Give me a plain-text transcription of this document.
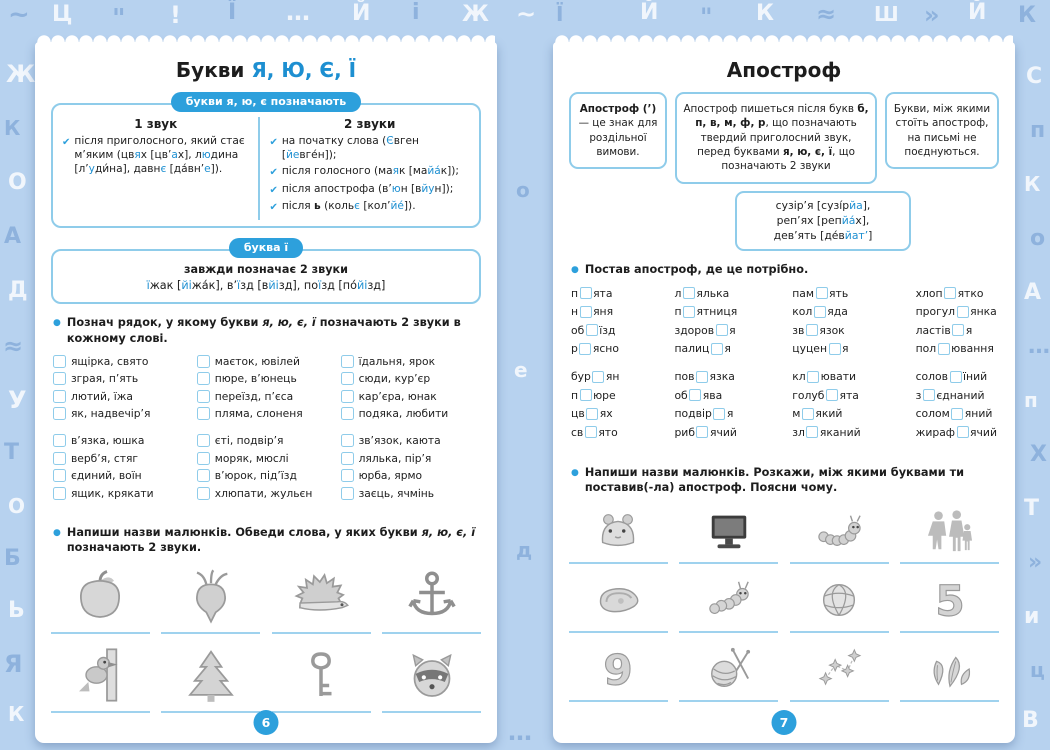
~ Ц " ! Ї … Й і Ж ~ Ї	Й " К ≈ Ш » Й К
Ж
К
О
А
Д
≈
У
Т
О
Б
Ь
Я
К
С
п
К
о
А
…
п
Х
Т
»
и
ц
В
о
е
д
…
Букви Я, Ю, Є, Ї
букви я, ю, є позначають
1 звук
✔ після приголосного, який стає м’яким (цвях [цв’ах], людина [л’уди́на], давнє [да́вн’е]).
2 звуки
✔ на початку слова (Євген [йевге́н]);
✔ після голосного (маяк [майа́к]);
✔ після апострофа (в’юн [вйун]);
✔ після ь (кольє [кол’йе́]).
буква ї
завжди позначає 2 звуки
їжак [йіжа́к], в’їзд [вйізд], поїзд [по́йізд]
● Познач рядок, у якому букви я, ю, є, ї позначають 2 звуки в кожному слові.
ящірка, свято
зграя, п’ять
лютий, їжа
як, надвечір’я
в’язка, юшка
верб’я, стяг
єдиний, воїн
ящик, крякати
маєток, ювілей
пюре, в’юнець
переїзд, п’єса
пляма, слоненя
єті, подвір’я
моряк, мюслі
в’юрок, під’їзд
хлюпати, жульєн
їдальня, ярок
сюди, кур’єр
кар’єра, юнак
подяка, любити
зв’язок, каюта
лялька, пір’я
юрба, ярмо
заєць, ячмінь
● Напиши назви малюнків. Обведи слова, у яких букви я, ю, є, ї позначають 2 звуки.
6
Апостроф
Апостроф (’) — це знак для роздільної вимови.
Апостроф пишеться після букв б, п, в, м, ф, р, що позначають твердий приголосний звук, перед буквами я, ю, є, ї, що позначають 2 звуки
Букви, між якими стоїть апостроф, на письмі не поєднуються.
сузір’я [сузі́рйа],
реп’ях [репйа́х],
дев’ять [де́вйат’]
● Постав апостроф, де це потрібно.
п ята
н яня
об їзд
р ясно
бур ян
п юре
цв ях
св ято
л ялька
п ятниця
здоров я
палиц я
пов язка
об ява
подвір я
риб ячий
пам ять
кол яда
зв язок
цуцен я
кл ювати
голуб ята
м який
зл яканий
хлоп ятко
прогул янка
ластів я
пол ювання
солов їний
з єднаний
солом яний
жираф ячий
● Напиши назви малюнків. Розкажи, між якими буквами ти поставив(-ла) апостроф. Поясни чому.
5
9
7
